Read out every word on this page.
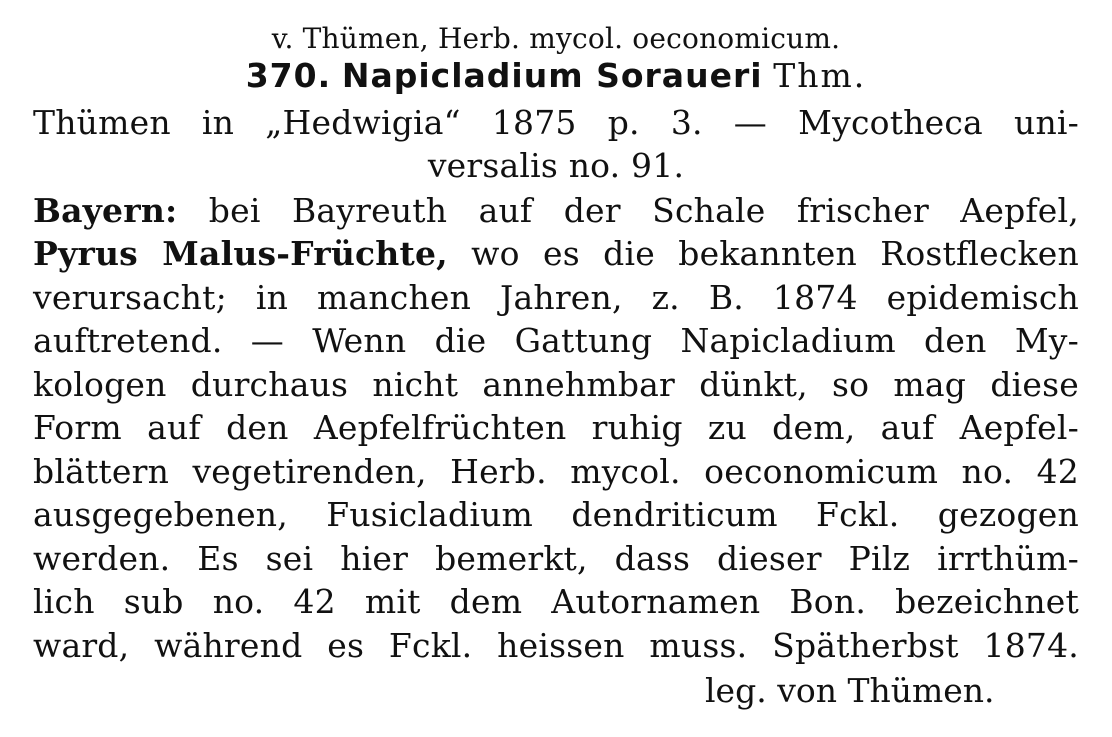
v. Thümen, Herb. mycol. oeconomicum.
370. Napicladium Soraueri Thm.
Thümen in „Hedwigia“ 1875 p. 3. — Mycotheca uni-
versalis no. 91.
Bayern: bei Bayreuth auf der Schale frischer Aepfel,
Pyrus Malus-Früchte, wo es die bekannten Rostflecken
verursacht; in manchen Jahren, z. B. 1874 epidemisch
auftretend. — Wenn die Gattung Napicladium den My-
kologen durchaus nicht annehmbar dünkt, so mag diese
Form auf den Aepfelfrüchten ruhig zu dem, auf Aepfel-
blättern vegetirenden, Herb. mycol. oeconomicum no. 42
ausgegebenen, Fusicladium dendriticum Fckl. gezogen
werden. Es sei hier bemerkt, dass dieser Pilz irrthüm-
lich sub no. 42 mit dem Autornamen Bon. bezeichnet
ward, während es Fckl. heissen muss. Spätherbst 1874.
leg. von Thümen.
